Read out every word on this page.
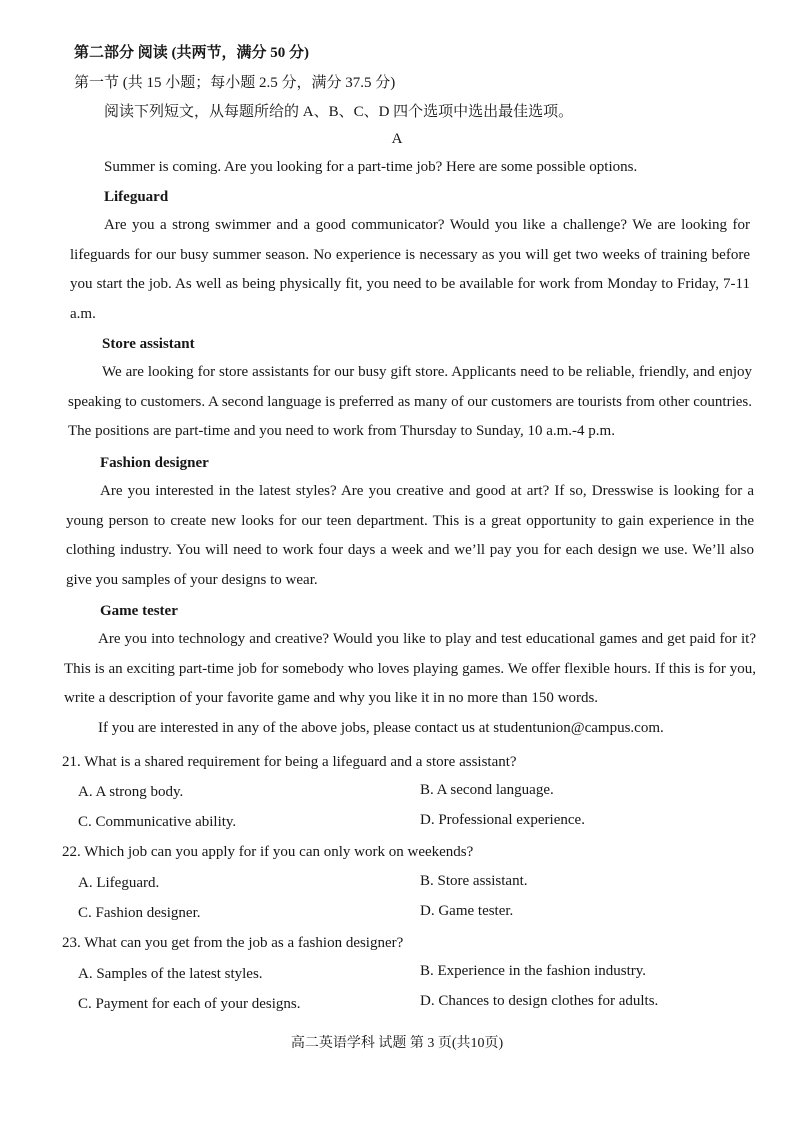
第二部分 阅读 (共两节，满分 50 分)
第一节 (共 15 小题；每小题 2.5 分，满分 37.5 分)
阅读下列短文，从每题所给的 A、B、C、D 四个选项中选出最佳选项。
A
Summer is coming. Are you looking for a part-time job? Here are some possible options.
Lifeguard
Are you a strong swimmer and a good communicator? Would you like a challenge? We are looking for lifeguards for our busy summer season. No experience is necessary as you will get two weeks of training before you start the job. As well as being physically fit, you need to be available for work from Monday to Friday, 7-11 a.m.
Store assistant
We are looking for store assistants for our busy gift store. Applicants need to be reliable, friendly, and enjoy speaking to customers. A second language is preferred as many of our customers are tourists from other countries. The positions are part-time and you need to work from Thursday to Sunday, 10 a.m.-4 p.m.
Fashion designer
Are you interested in the latest styles? Are you creative and good at art? If so, Dresswise is looking for a young person to create new looks for our teen department. This is a great opportunity to gain experience in the clothing industry. You will need to work four days a week and we’ll pay you for each design we use. We’ll also give you samples of your designs to wear.
Game tester
Are you into technology and creative? Would you like to play and test educational games and get paid for it? This is an exciting part-time job for somebody who loves playing games. We offer flexible hours. If this is for you, write a description of your favorite game and why you like it in no more than 150 words.
If you are interested in any of the above jobs, please contact us at studentunion@campus.com.
21. What is a shared requirement for being a lifeguard and a store assistant?
A. A strong body.	B. A second language.
C. Communicative ability.	D. Professional experience.
22. Which job can you apply for if you can only work on weekends?
A. Lifeguard.	B. Store assistant.
C. Fashion designer.	D. Game tester.
23. What can you get from the job as a fashion designer?
A. Samples of the latest styles.	B. Experience in the fashion industry.
C. Payment for each of your designs.	D. Chances to design clothes for adults.
高二英语学科 试题 第 3 页(共10页)
